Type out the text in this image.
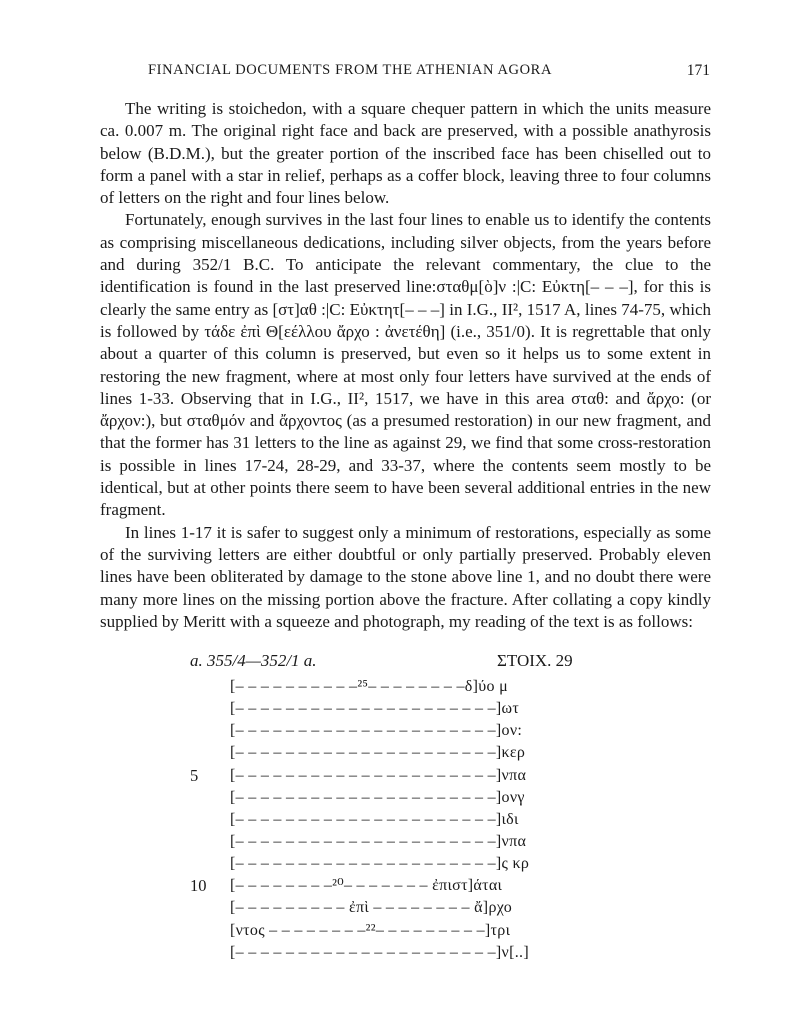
FINANCIAL DOCUMENTS FROM THE ATHENIAN AGORA	171

The writing is stoichedon, with a square chequer pattern in which the units measure ca. 0.007 m. The original right face and back are preserved, with a possible anathyrosis below (B.D.M.), but the greater portion of the inscribed face has been chiselled out to form a panel with a star in relief, perhaps as a coffer block, leaving three to four columns of letters on the right and four lines below.

Fortunately, enough survives in the last four lines to enable us to identify the contents as comprising miscellaneous dedications, including silver objects, from the years before and during 352/1 B.C. To anticipate the relevant commentary, the clue to the identification is found in the last preserved line:σταθμ[ὸ]ν :|C: Εὐκτη[– – –], for this is clearly the same entry as [στ]αθ :|C: Εὐκτητ[– – –] in I.G., II², 1517 A, lines 74-75, which is followed by τάδε ἐπὶ Θ[εέλλου ἄρχο : ἀνετέθη] (i.e., 351/0). It is regrettable that only about a quarter of this column is preserved, but even so it helps us to some extent in restoring the new fragment, where at most only four letters have survived at the ends of lines 1-33. Observing that in I.G., II², 1517, we have in this area σταθ: and ἄρχο: (or ἄρχον:), but σταθμόν and ἄρχοντος (as a presumed restoration) in our new fragment, and that the former has 31 letters to the line as against 29, we find that some cross-restoration is possible in lines 17-24, 28-29, and 33-37, where the contents seem mostly to be identical, but at other points there seem to have been several additional entries in the new fragment.

In lines 1-17 it is safer to suggest only a minimum of restorations, especially as some of the surviving letters are either doubtful or only partially preserved. Probably eleven lines have been obliterated by damage to the stone above line 1, and no doubt there were many more lines on the missing portion above the fracture. After collating a copy kindly supplied by Meritt with a squeeze and photograph, my reading of the text is as follows:

a. 355/4—352/1 a.	ΣΤΟΙΧ. 29
[– – – – – – – – – –²⁵– – – – – – – –δ]ύο μ
[– – – – – – – – – – – – – – – – – – – – –]ωτ
[– – – – – – – – – – – – – – – – – – – – –]ον:
[– – – – – – – – – – – – – – – – – – – – –]κερ
5	[– – – – – – – – – – – – – – – – – – – – –]νπα
[– – – – – – – – – – – – – – – – – – – – –]ονγ
[– – – – – – – – – – – – – – – – – – – – –]ιδι
[– – – – – – – – – – – – – – – – – – – – –]νπα
[– – – – – – – – – – – – – – – – – – – – –]ς κρ
10	[– – – – – – – –²⁰– – – – – – – ἐπιστ]άται
[– – – – – – – – – ἐπὶ – – – – – – – – ἄ]ρχο
[ντος – – – – – – – –²²– – – – – – – – –]τρι
[– – – – – – – – – – – – – – – – – – – – –]ν[..]
